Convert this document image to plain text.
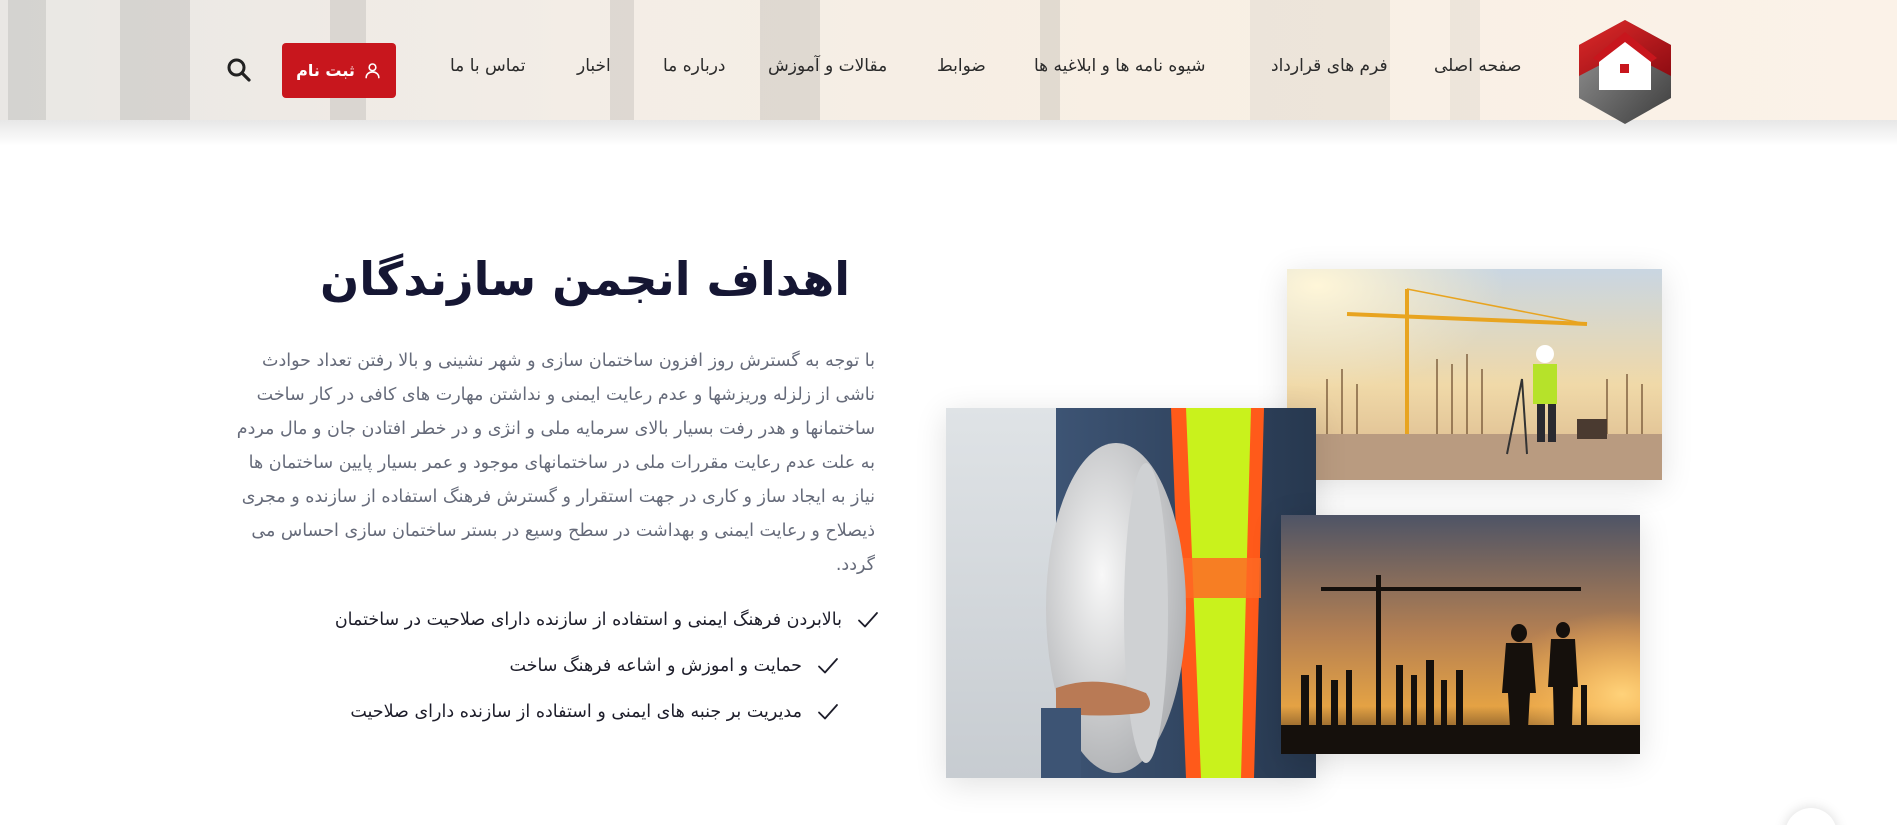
صفحه اصلی
فرم های قرارداد
شیوه نامه ها و ابلاغیه ها
ضوابط
مقالات و آموزش
درباره ما
اخبار
تماس با ما
ثبت نام
اهداف انجمن سازندگان

با توجه به گسترش روز افزون ساختمان سازی و شهر نشینی و بالا رفتن تعداد حوادث ناشی از زلزله وریزشها و عدم رعایت ایمنی و نداشتن مهارت های کافی در کار ساخت ساختمانها و هدر رفت بسیار بالای سرمایه ملی و انژی و در خطر افتادن جان و مال مردم به علت عدم رعایت مقررات ملی در ساختمانهای موجود و عمر بسیار پایین ساختمان ها نیاز به ایجاد ساز و کاری در جهت استقرار و گسترش فرهنگ استفاده از سازنده و مجری ذیصلاح و رعایت ایمنی و بهداشت در سطح وسیع در بستر ساختمان سازی احساس می گردد.

بالابردن فرهنگ ایمنی و استفاده از سازنده دارای صلاحیت در ساختمان
حمایت و اموزش و اشاعه فرهنگ ساخت
مدیریت بر جنبه های ایمنی و استفاده از سازنده دارای صلاحیت
